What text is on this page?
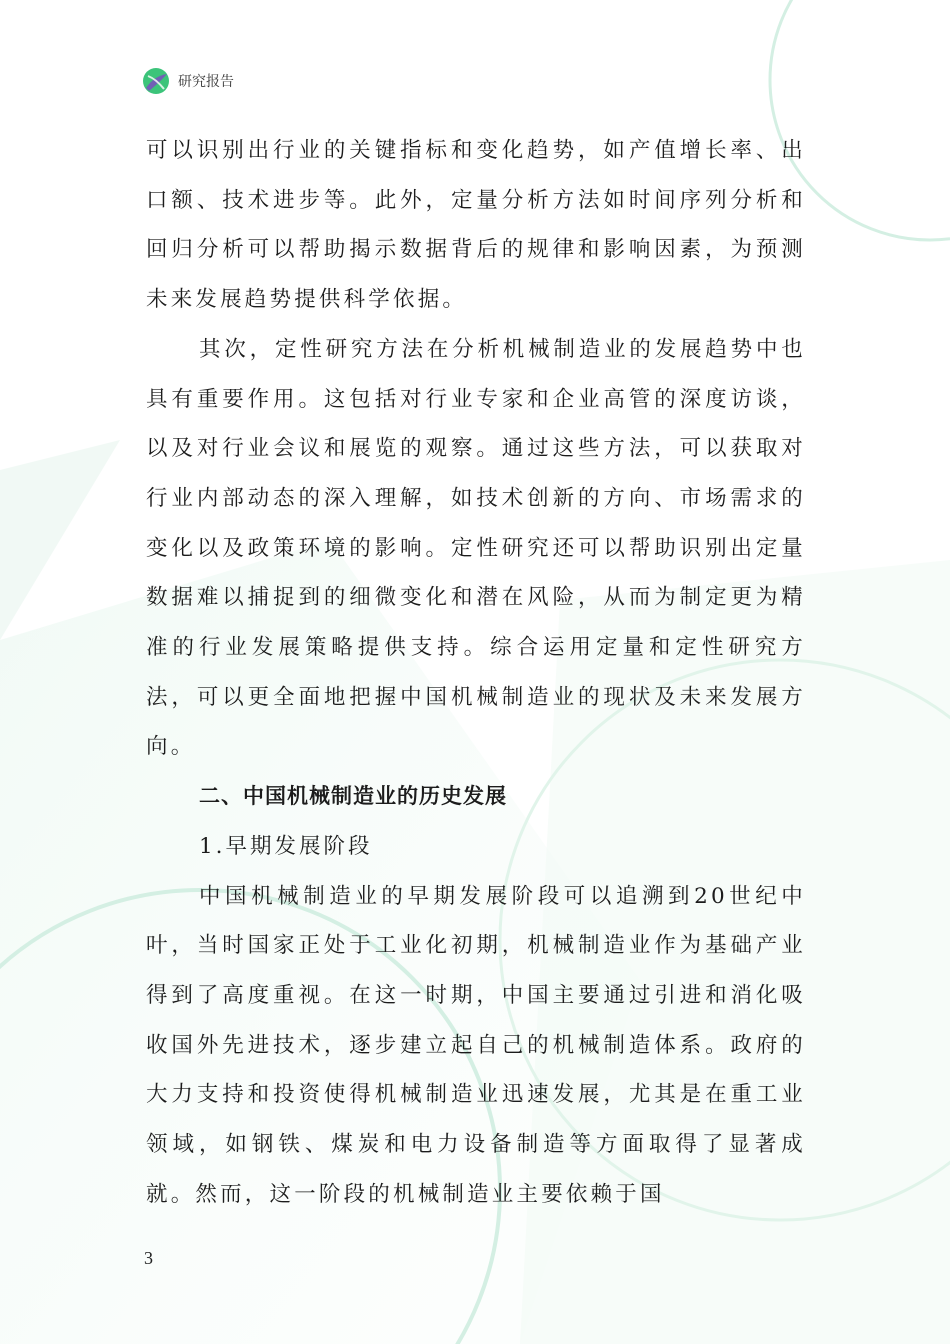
研究报告

可以识别出行业的关键指标和变化趋势，如产值增长率、出口额、技术进步等。此外，定量分析方法如时间序列分析和回归分析可以帮助揭示数据背后的规律和影响因素，为预测未来发展趋势提供科学依据。

其次，定性研究方法在分析机械制造业的发展趋势中也具有重要作用。这包括对行业专家和企业高管的深度访谈，以及对行业会议和展览的观察。通过这些方法，可以获取对行业内部动态的深入理解，如技术创新的方向、市场需求的变化以及政策环境的影响。定性研究还可以帮助识别出定量数据难以捕捉到的细微变化和潜在风险，从而为制定更为精准的行业发展策略提供支持。综合运用定量和定性研究方法，可以更全面地把握中国机械制造业的现状及未来发展方向。

二、中国机械制造业的历史发展

1.早期发展阶段

中国机械制造业的早期发展阶段可以追溯到20世纪中叶，当时国家正处于工业化初期，机械制造业作为基础产业得到了高度重视。在这一时期，中国主要通过引进和消化吸收国外先进技术，逐步建立起自己的机械制造体系。政府的大力支持和投资使得机械制造业迅速发展，尤其是在重工业领域，如钢铁、煤炭和电力设备制造等方面取得了显著成就。然而，这一阶段的机械制造业主要依赖于国

3
